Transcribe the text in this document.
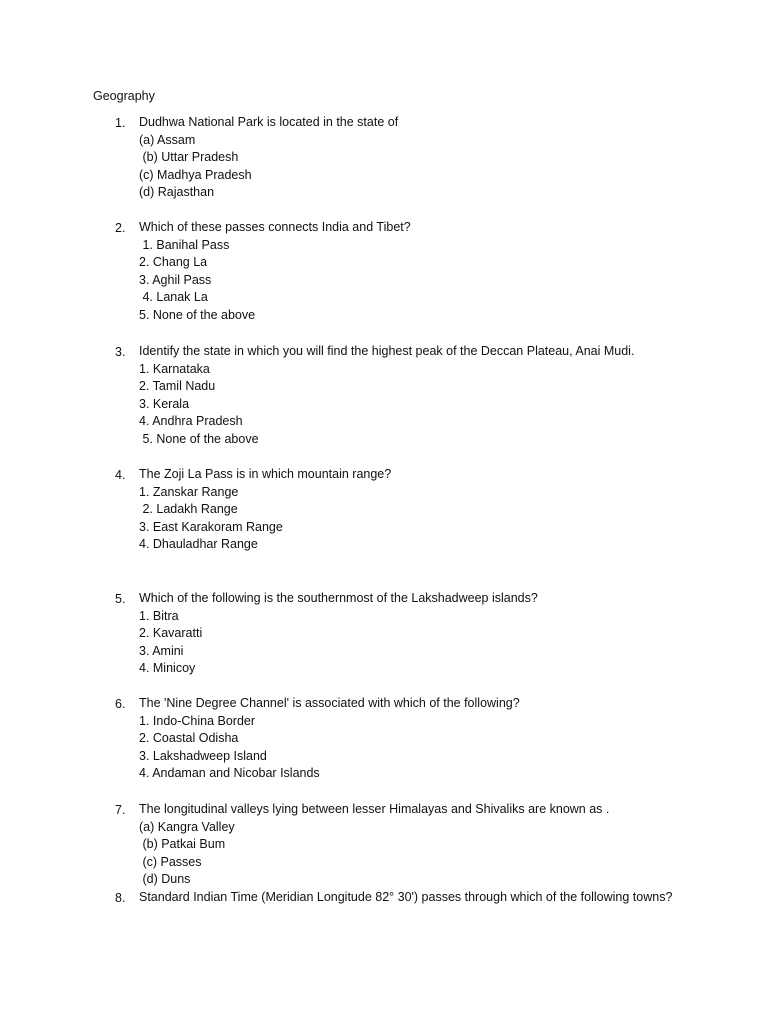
Geography
1. Dudhwa National Park is located in the state of
(a) Assam
(b) Uttar Pradesh
(c) Madhya Pradesh
(d) Rajasthan
2. Which of these passes connects India and Tibet?
1. Banihal Pass
2. Chang La
3. Aghil Pass
4. Lanak La
5. None of the above
3. Identify the state in which you will find the highest peak of the Deccan Plateau, Anai Mudi.
1. Karnataka
2. Tamil Nadu
3. Kerala
4. Andhra Pradesh
5. None of the above
4. The Zoji La Pass is in which mountain range?
1. Zanskar Range
2. Ladakh Range
3. East Karakoram Range
4. Dhauladhar Range
5. Which of the following is the southernmost of the Lakshadweep islands?
1. Bitra
2. Kavaratti
3. Amini
4. Minicoy
6. The 'Nine Degree Channel' is associated with which of the following?
1. Indo-China Border
2. Coastal Odisha
3. Lakshadweep Island
4. Andaman and Nicobar Islands
7. The longitudinal valleys lying between lesser Himalayas and Shivaliks are known as .
(a) Kangra Valley
(b) Patkai Bum
(c) Passes
(d) Duns
8. Standard Indian Time (Meridian Longitude 82° 30') passes through which of the following towns?
